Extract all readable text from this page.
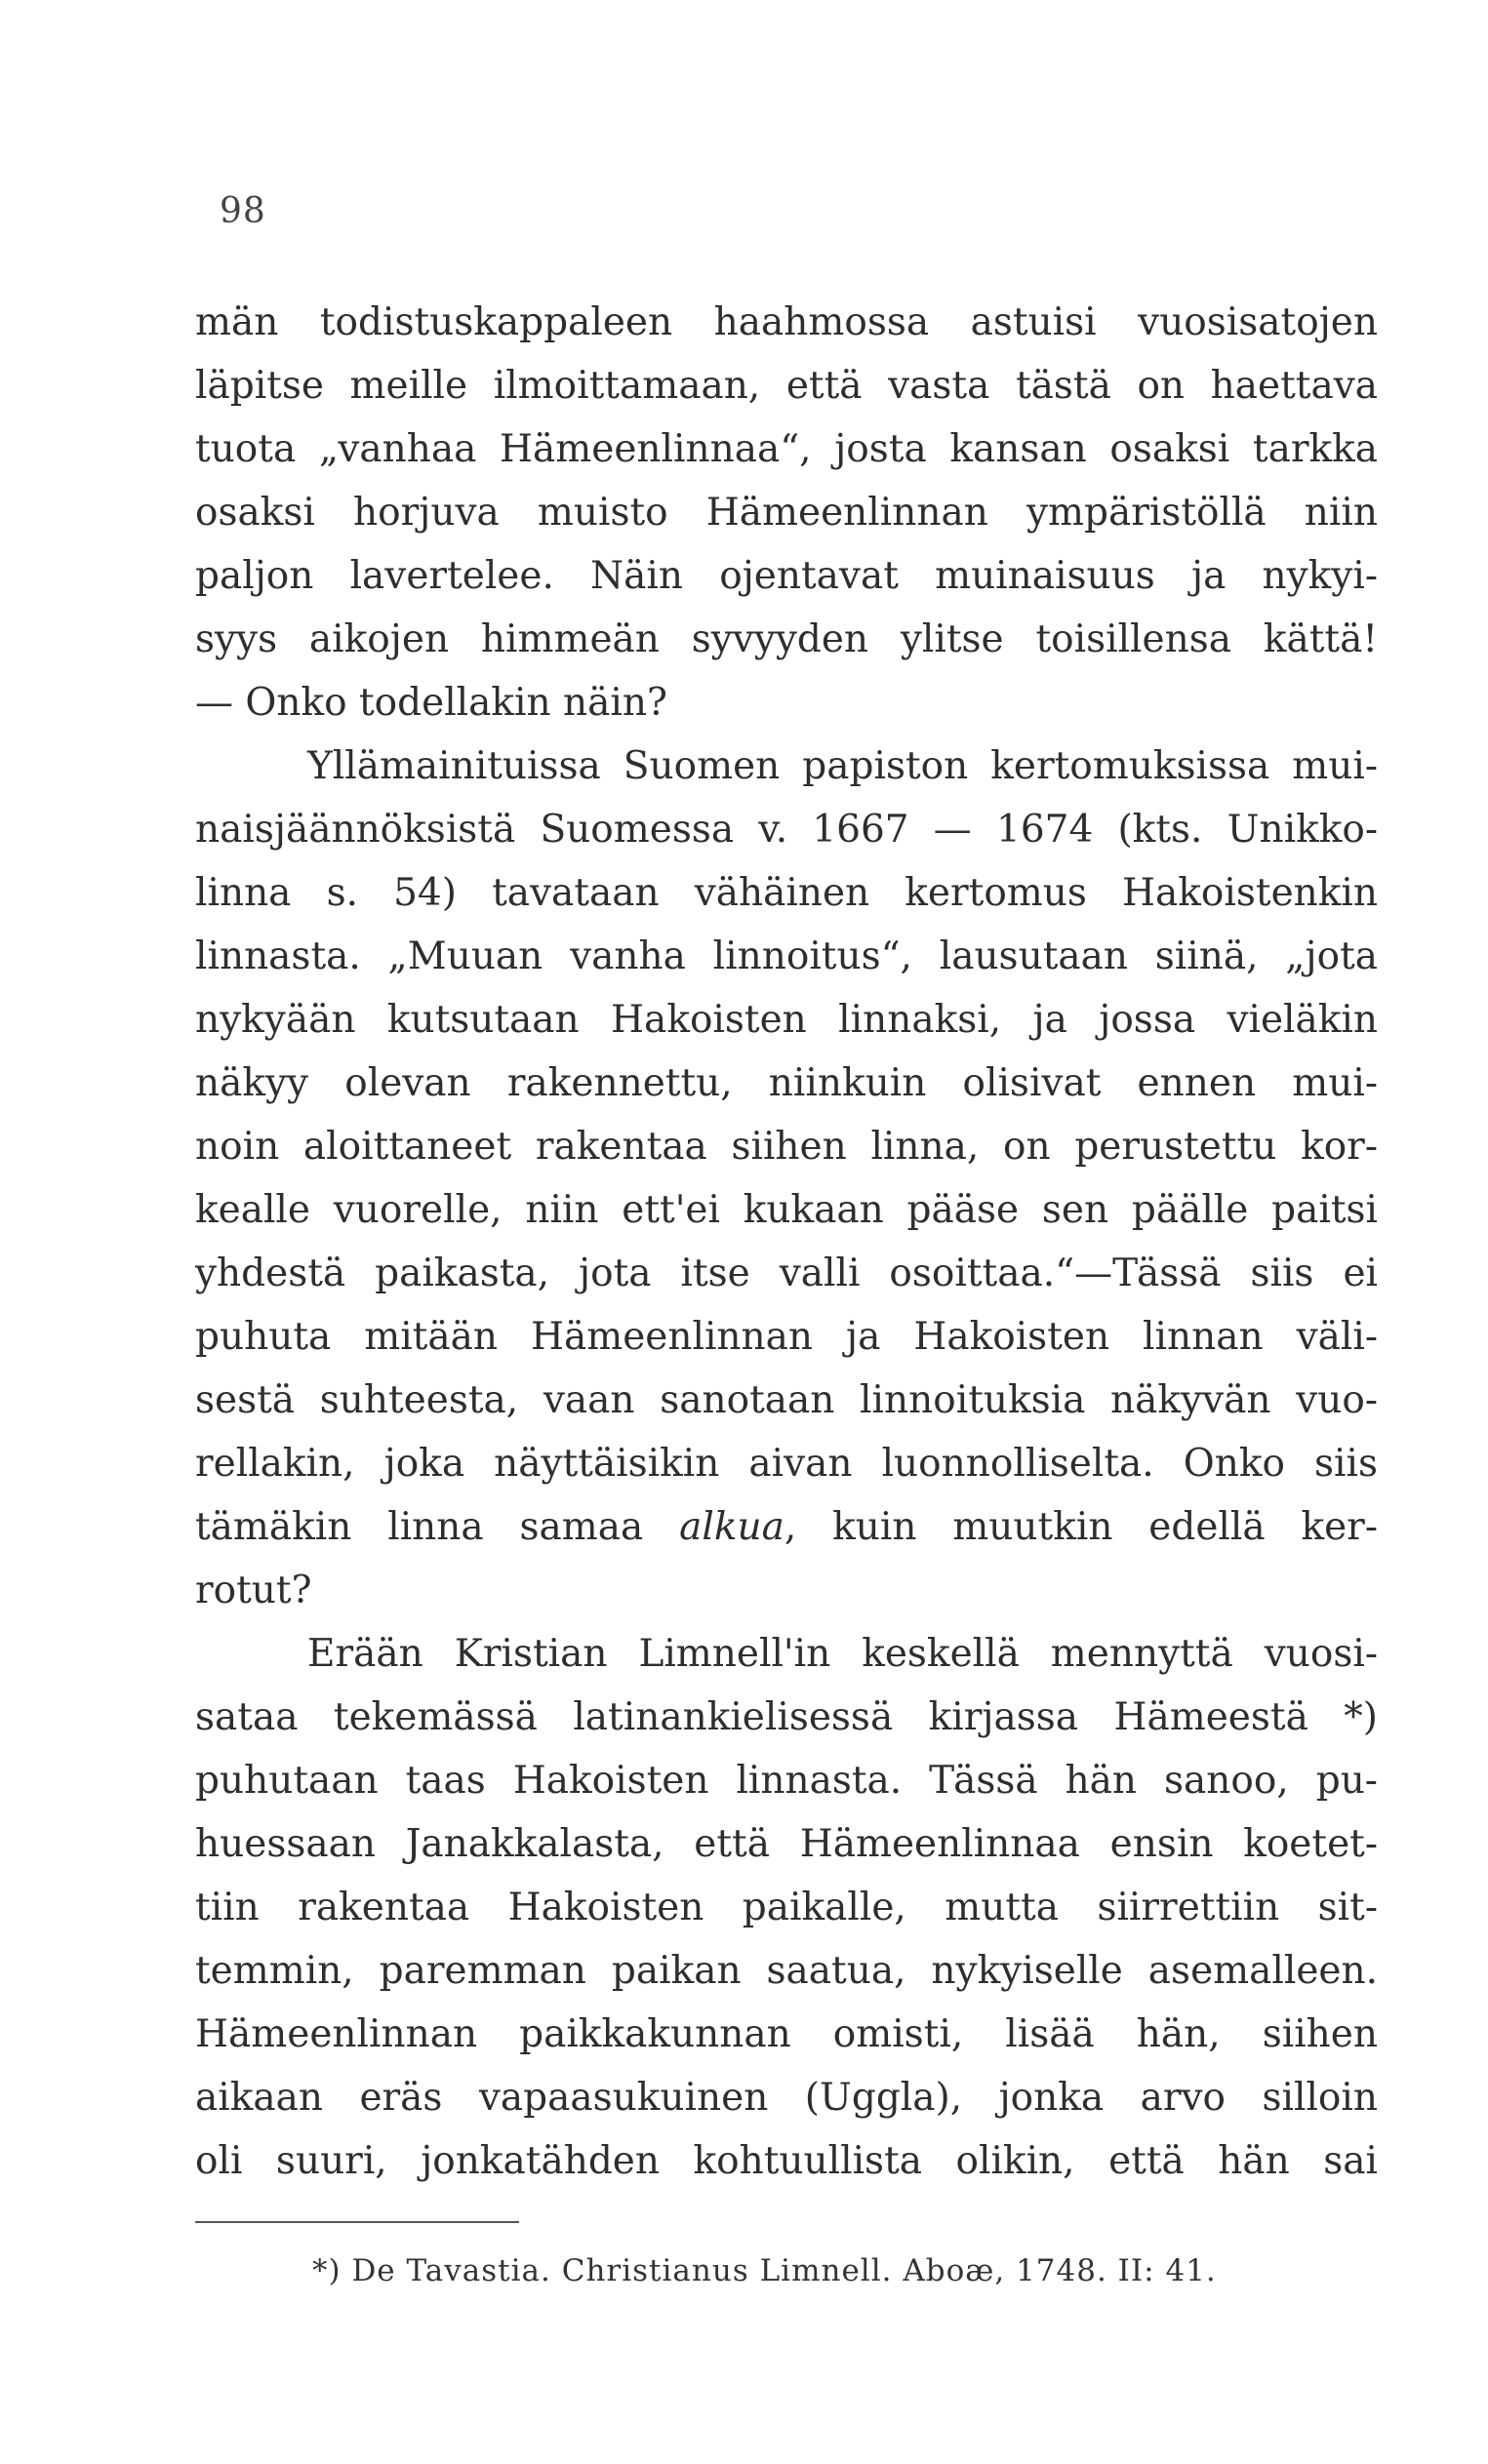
98
män todistuskappaleen haahmossa astuisi vuosisatojen
läpitse meille ilmoittamaan, että vasta tästä on haettava
tuota „vanhaa Hämeenlinnaa“, josta kansan osaksi tarkka
osaksi horjuva muisto Hämeenlinnan ympäristöllä niin
paljon lavertelee. Näin ojentavat muinaisuus ja nykyi-
syys aikojen himmeän syvyyden ylitse toisillensa kättä!
— Onko todellakin näin?
Yllämainituissa Suomen papiston kertomuksissa mui-
naisjäännöksistä Suomessa v. 1667 — 1674 (kts. Unikko-
linna s. 54) tavataan vähäinen kertomus Hakoistenkin
linnasta. „Muuan vanha linnoitus“, lausutaan siinä, „jota
nykyään kutsutaan Hakoisten linnaksi, ja jossa vieläkin
näkyy olevan rakennettu, niinkuin olisivat ennen mui-
noin aloittaneet rakentaa siihen linna, on perustettu kor-
kealle vuorelle, niin ett'ei kukaan pääse sen päälle paitsi
yhdestä paikasta, jota itse valli osoittaa.“—Tässä siis ei
puhuta mitään Hämeenlinnan ja Hakoisten linnan väli-
sestä suhteesta, vaan sanotaan linnoituksia näkyvän vuo-
rellakin, joka näyttäisikin aivan luonnolliselta. Onko siis
tämäkin linna samaa alkua, kuin muutkin edellä ker-
rotut?
Erään Kristian Limnell'in keskellä mennyttä vuosi-
sataa tekemässä latinankielisessä kirjassa Hämeestä *)
puhutaan taas Hakoisten linnasta. Tässä hän sanoo, pu-
huessaan Janakkalasta, että Hämeenlinnaa ensin koetet-
tiin rakentaa Hakoisten paikalle, mutta siirrettiin sit-
temmin, paremman paikan saatua, nykyiselle asemalleen.
Hämeenlinnan paikkakunnan omisti, lisää hän, siihen
aikaan eräs vapaasukuinen (Uggla), jonka arvo silloin
oli suuri, jonkatähden kohtuullista olikin, että hän sai
*) De Tavastia. Christianus Limnell. Aboæ, 1748. II: 41.
